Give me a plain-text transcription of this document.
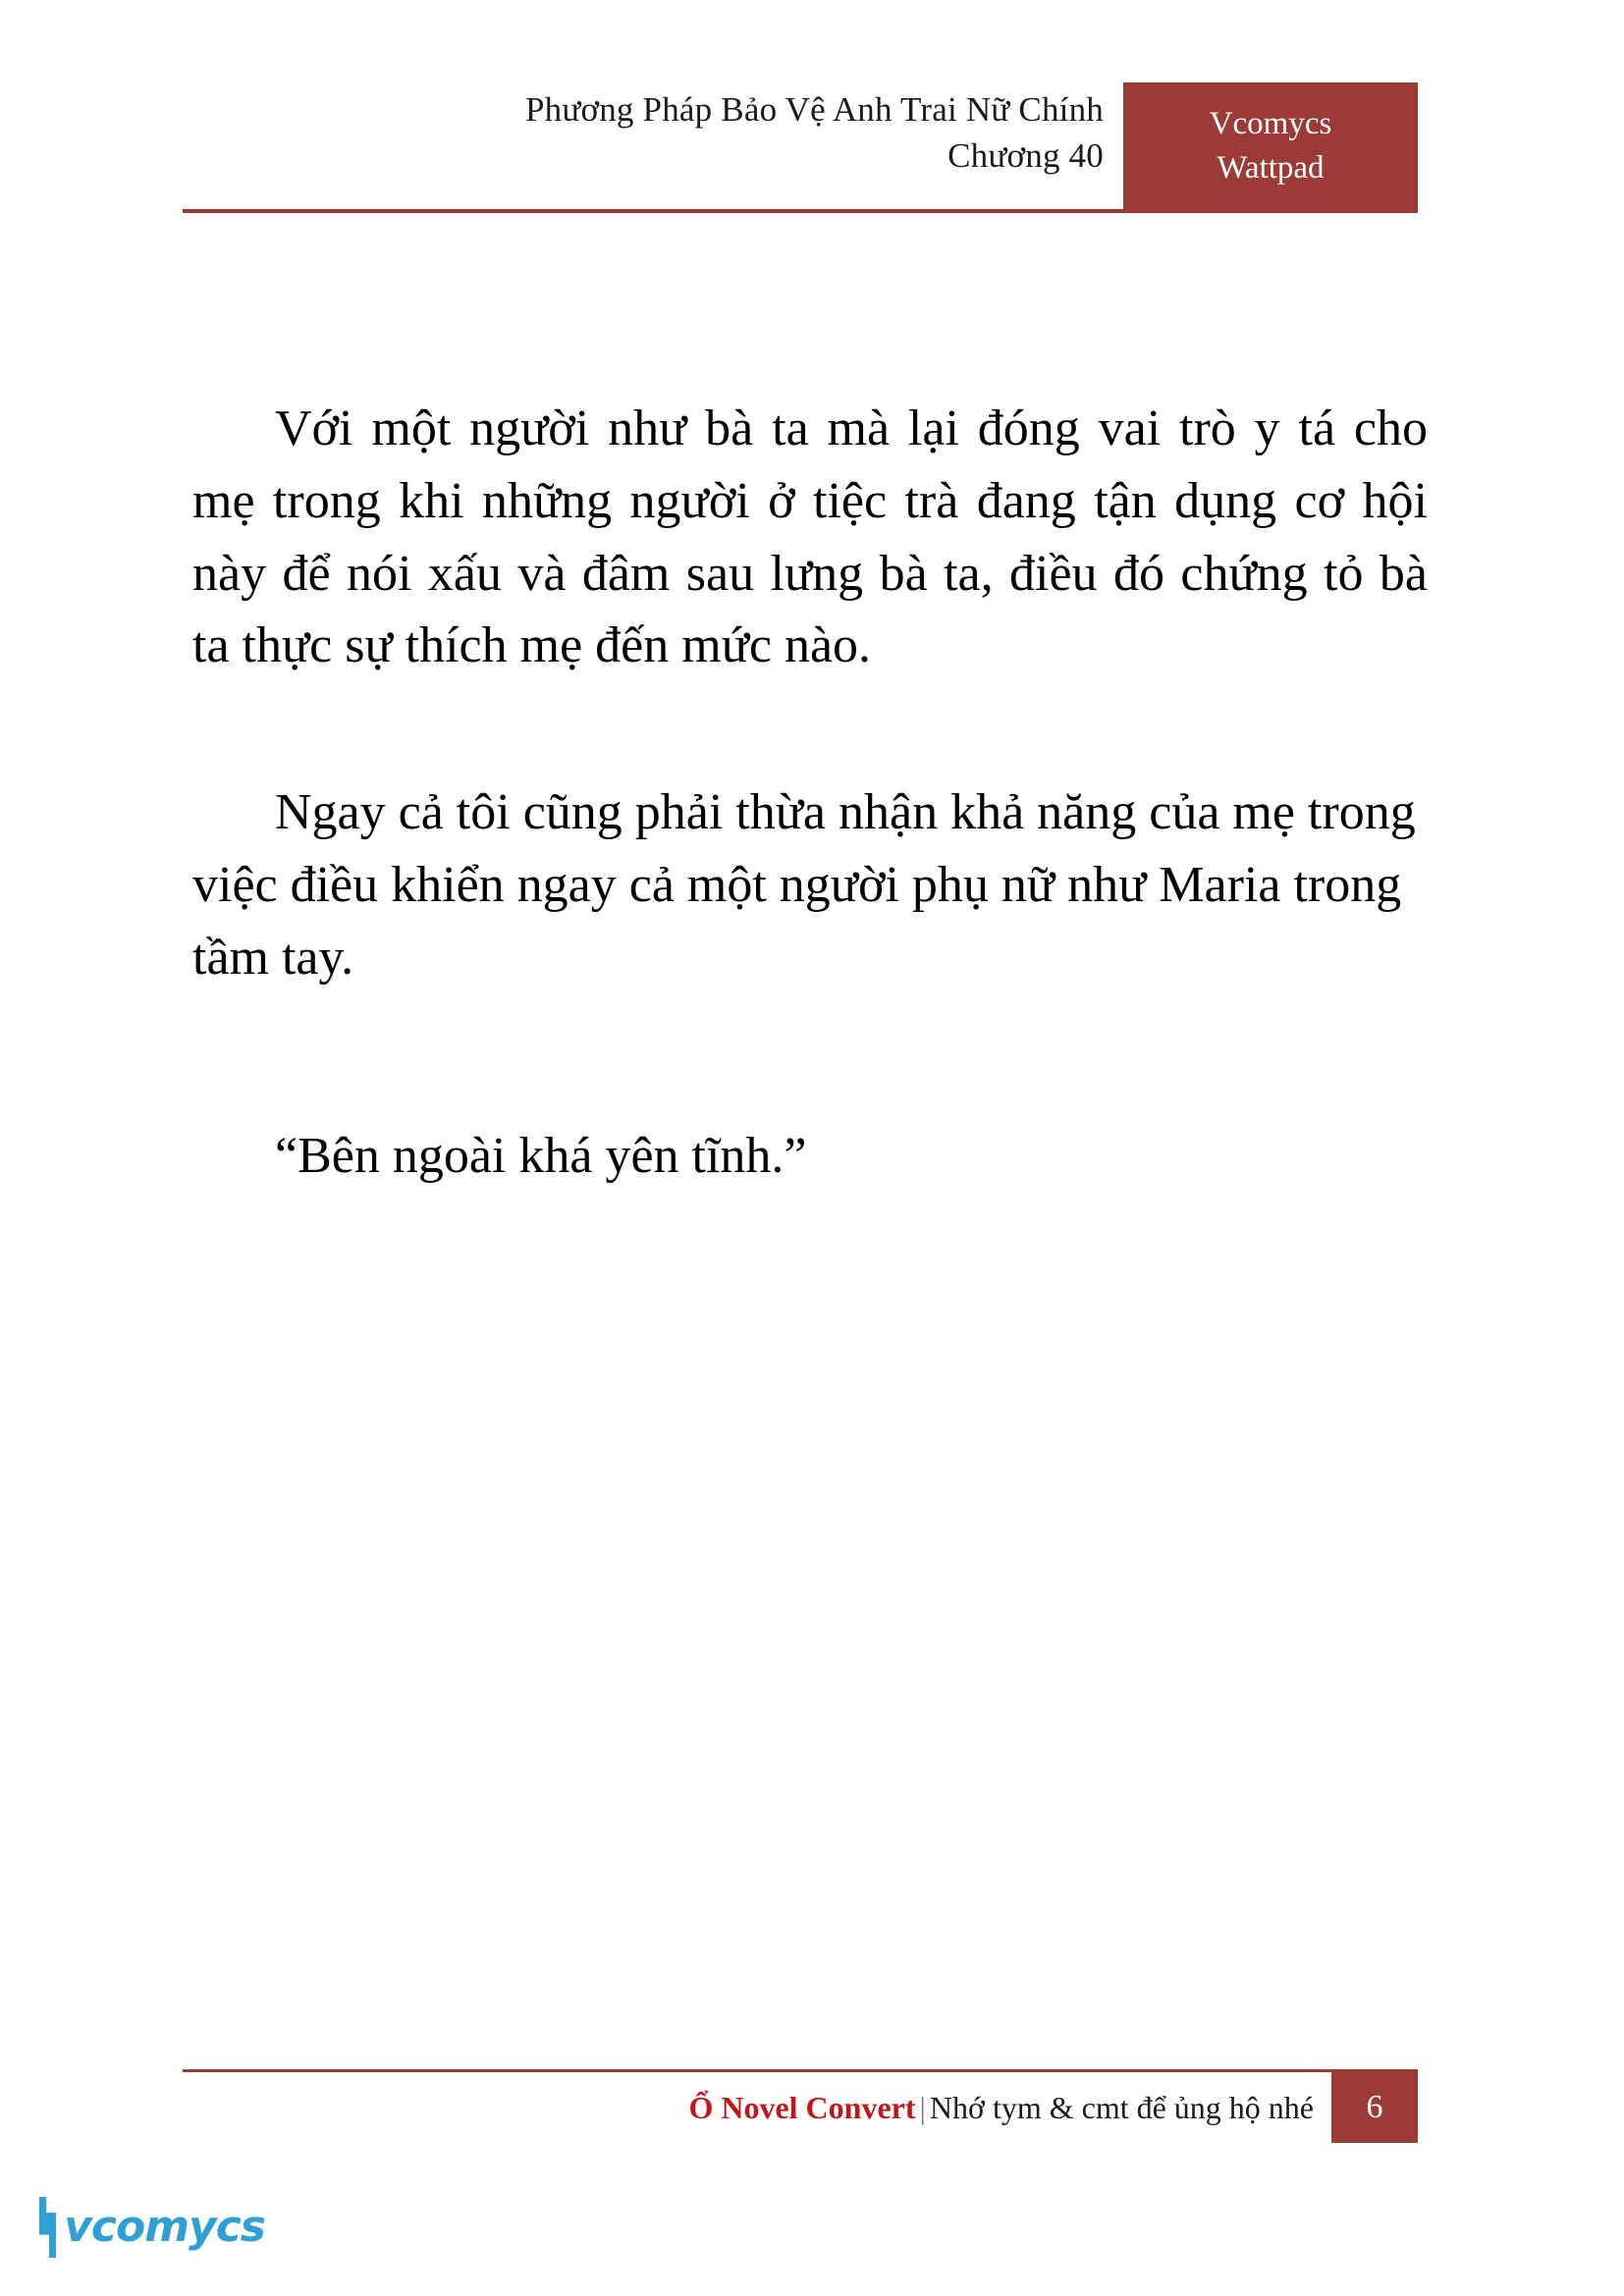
Phương Pháp Bảo Vệ Anh Trai Nữ Chính
Chương 40
Vcomycs
Wattpad

Với một người như bà ta mà lại đóng vai trò y tá cho mẹ trong khi những người ở tiệc trà đang tận dụng cơ hội này để nói xấu và đâm sau lưng bà ta, điều đó chứng tỏ bà ta thực sự thích mẹ đến mức nào.

Ngay cả tôi cũng phải thừa nhận khả năng của mẹ trong việc điều khiển ngay cả một người phụ nữ như Maria trong tầm tay.

“Bên ngoài khá yên tĩnh.”

Ổ Novel Convert | Nhớ tym & cmt để ủng hộ nhé	6
vcomycs
